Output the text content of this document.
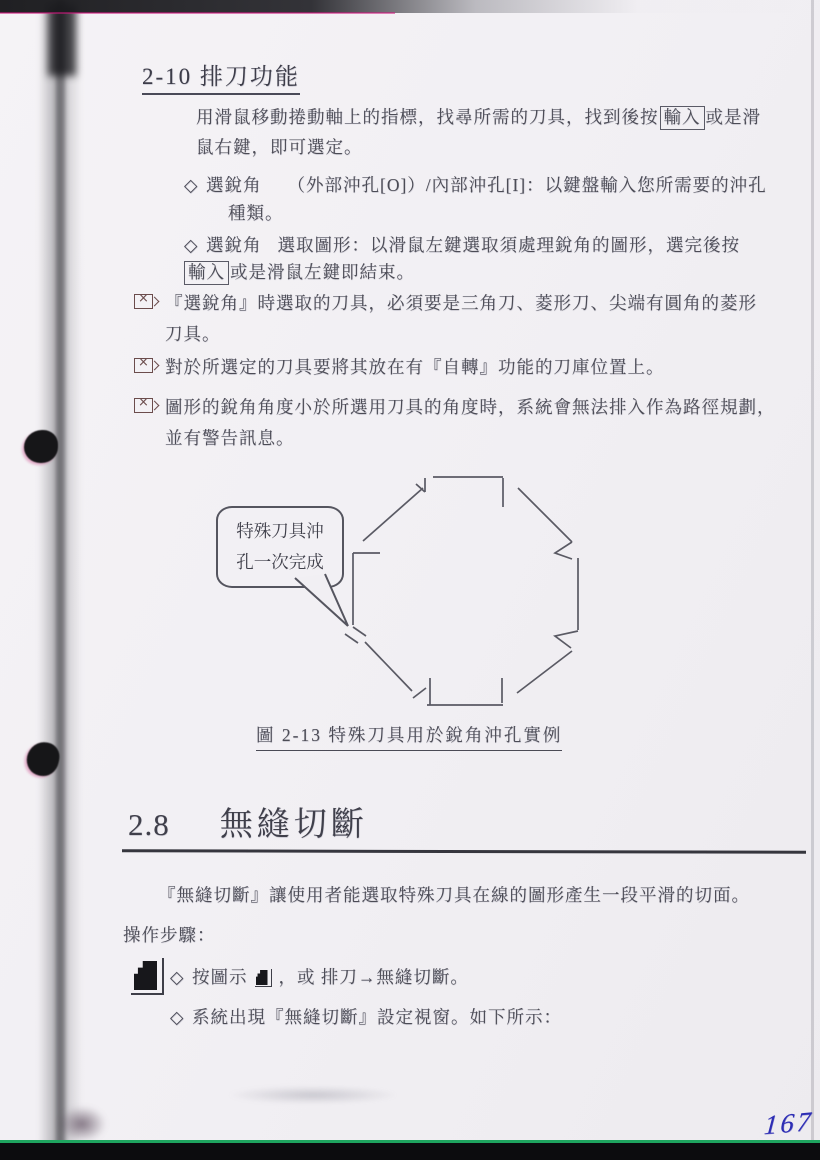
2-10 排刀功能
用滑鼠移動捲動軸上的指標，找尋所需的刀具，找到後按 輸入 或是滑
鼠右鍵，即可選定。
◇ 選銳角 （外部沖孔[O]）/內部沖孔[I]：以鍵盤輸入您所需要的沖孔
種類。
◇ 選銳角 選取圖形：以滑鼠左鍵選取須處理銳角的圖形，選完後按
輸入 或是滑鼠左鍵即結束。
×
『選銳角』時選取的刀具，必須要是三角刀、菱形刀、尖端有圓角的菱形
刀具。
×
對於所選定的刀具要將其放在有『自轉』功能的刀庫位置上。
×
圖形的銳角角度小於所選用刀具的角度時，系統會無法排入作為路徑規劃，
並有警告訊息。
特殊刀具沖
孔一次完成
圖 2-13 特殊刀具用於銳角沖孔實例
2.8 無縫切斷
『無縫切斷』讓使用者能選取特殊刀具在線的圖形產生一段平滑的切面。
操作步驟：
◇ 按圖示 ，或 排刀→無縫切斷。
◇ 系統出現『無縫切斷』設定視窗。如下所示：
167
